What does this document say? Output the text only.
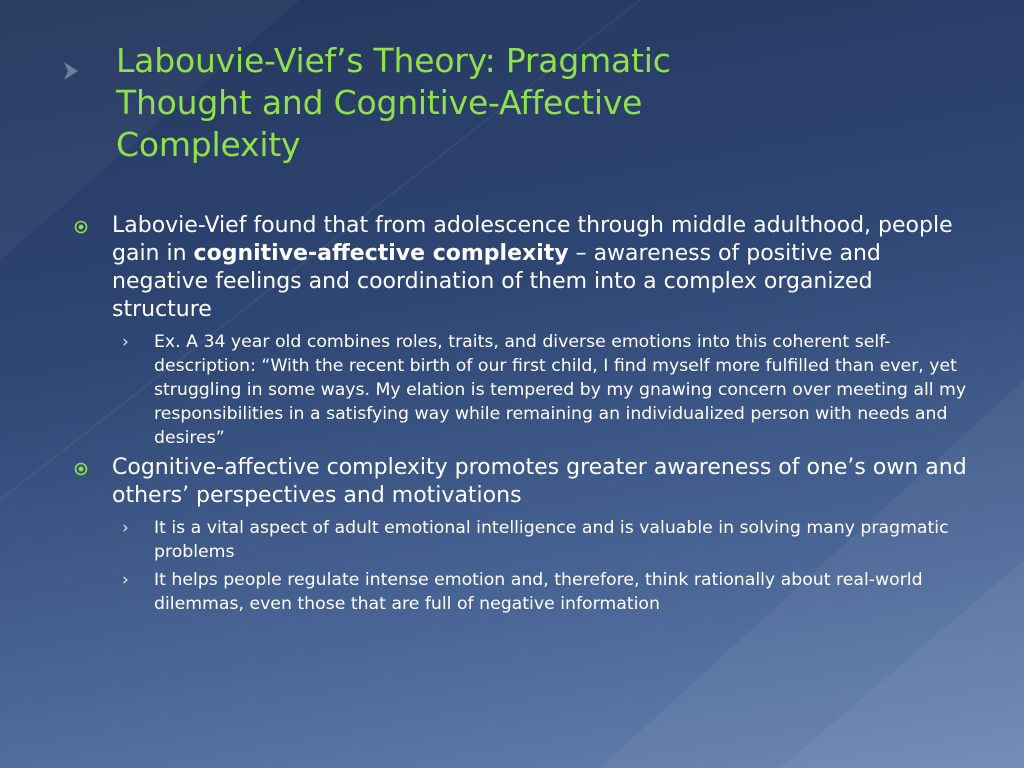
Labouvie-Vief’s Theory: Pragmatic
Thought and Cognitive-Affective
Complexity
Labovie-Vief found that from adolescence through middle adulthood, people gain in cognitive-affective complexity – awareness of positive and negative feelings and coordination of them into a complex organized structure
› Ex. A 34 year old combines roles, traits, and diverse emotions into this coherent self-description: “With the recent birth of our first child, I find myself more fulfilled than ever, yet struggling in some ways. My elation is tempered by my gnawing concern over meeting all my responsibilities in a satisfying way while remaining an individualized person with needs and desires”
Cognitive-affective complexity promotes greater awareness of one’s own and others’ perspectives and motivations
› It is a vital aspect of adult emotional intelligence and is valuable in solving many pragmatic problems
› It helps people regulate intense emotion and, therefore, think rationally about real-world dilemmas, even those that are full of negative information
